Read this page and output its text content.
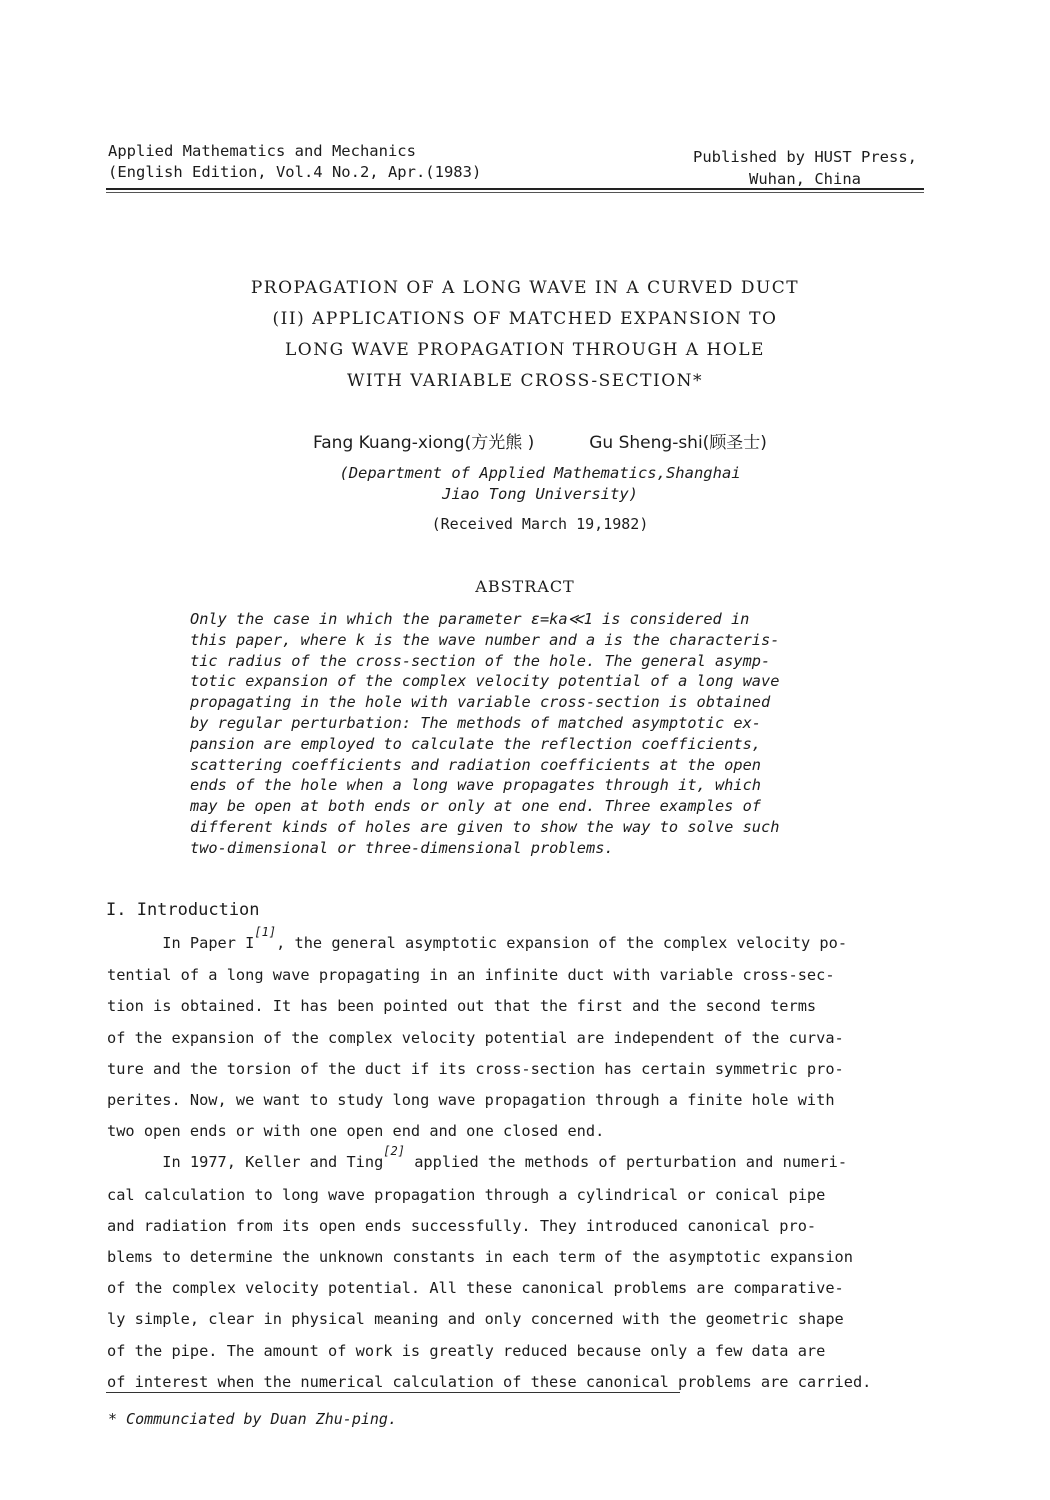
Applied Mathematics and Mechanics
(English Edition, Vol.4 No.2, Apr.(1983)
Published by HUST Press,
Wuhan, China
PROPAGATION OF A LONG WAVE IN A CURVED DUCT
(II) APPLICATIONS OF MATCHED EXPANSION TO
LONG WAVE PROPAGATION THROUGH A HOLE
WITH VARIABLE CROSS-SECTION*
Fang Kuang-xiong(方光熊 )	Gu Sheng-shi(顾圣士)
(Department of Applied Mathematics,Shanghai
Jiao Tong University)
(Received March 19,1982)
ABSTRACT
Only the case in which the parameter ε=ka≪1 is considered in
this paper, where k is the wave number and a is the characteris-
tic radius of the cross-section of the hole. The general asymp-
totic expansion of the complex velocity potential of a long wave
propagating in the hole with variable cross-section is obtained
by regular perturbation: The methods of matched asymptotic ex-
pansion are employed to calculate the reflection coefficients,
scattering coefficients and radiation coefficients at the open
ends of the hole when a long wave propagates through it, which
may be open at both ends or only at one end. Three examples of
different kinds of holes are given to show the way to solve such
two-dimensional or three-dimensional problems.
I. Introduction
In Paper I[1], the general asymptotic expansion of the complex velocity po-
tential of a long wave propagating in an infinite duct with variable cross-sec-
tion is obtained. It has been pointed out that the first and the second terms
of the expansion of the complex velocity potential are independent of the curva-
ture and the torsion of the duct if its cross-section has certain symmetric pro-
perites. Now, we want to study long wave propagation through a finite hole with
two open ends or with one open end and one closed end.
In 1977, Keller and Ting[2] applied the methods of perturbation and numeri-
cal calculation to long wave propagation through a cylindrical or conical pipe
and radiation from its open ends successfully. They introduced canonical pro-
blems to determine the unknown constants in each term of the asymptotic expansion
of the complex velocity potential. All these canonical problems are comparative-
ly simple, clear in physical meaning and only concerned with the geometric shape
of the pipe. The amount of work is greatly reduced because only a few data are
of interest when the numerical calculation of these canonical problems are carried.
* Communciated by Duan Zhu-ping.
